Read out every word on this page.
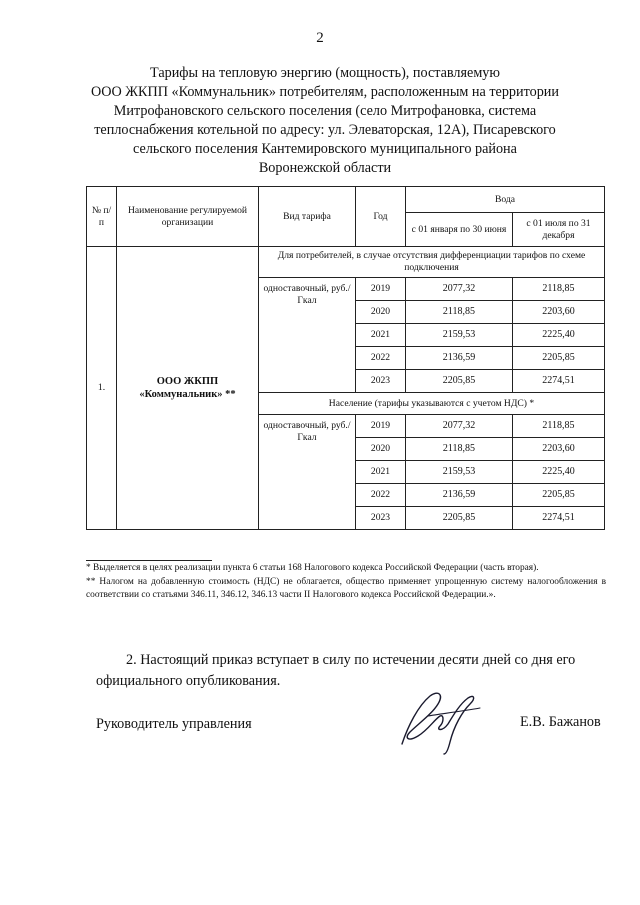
2
Тарифы на тепловую энергию (мощность), поставляемую
ООО ЖКПП «Коммунальник» потребителям, расположенным на территории
Митрофановского сельского поселения (село Митрофановка, система
теплоснабжения котельной по адресу: ул. Элеваторская, 12А), Писаревского
сельского поселения Кантемировского муниципального района
Воронежской области
№ п/п	Наименование регулируемой организации	Вид тарифа	Год	Вода	
				с 01 января по 30 июня	с 01 июля по 31 декабря
1.	ООО ЖКПП «Коммунальник» **	Для потребителей, в случае отсутствия дифференциации тарифов по схеме подключения			
		одноставочный, руб./Гкал	2019	2077,32	2118,85
			2020	2118,85	2203,60
			2021	2159,53	2225,40
			2022	2136,59	2205,85
			2023	2205,85	2274,51
		Население (тарифы указываются с учетом НДС) *			
		одноставочный, руб./Гкал	2019	2077,32	2118,85
			2020	2118,85	2203,60
			2021	2159,53	2225,40
			2022	2136,59	2205,85
			2023	2205,85	2274,51

* Выделяется в целях реализации пункта 6 статьи 168 Налогового кодекса Российской Федерации (часть вторая).

** Налогом на добавленную стоимость (НДС) не облагается, общество применяет упрощенную систему налогообложения в соответствии со статьями 346.11, 346.12, 346.13 части II Налогового кодекса Российской Федерации.».

2. Настоящий приказ вступает в силу по истечении десяти дней со дня его
официального опубликования.
Руководитель управления	Е.В. Бажанов
